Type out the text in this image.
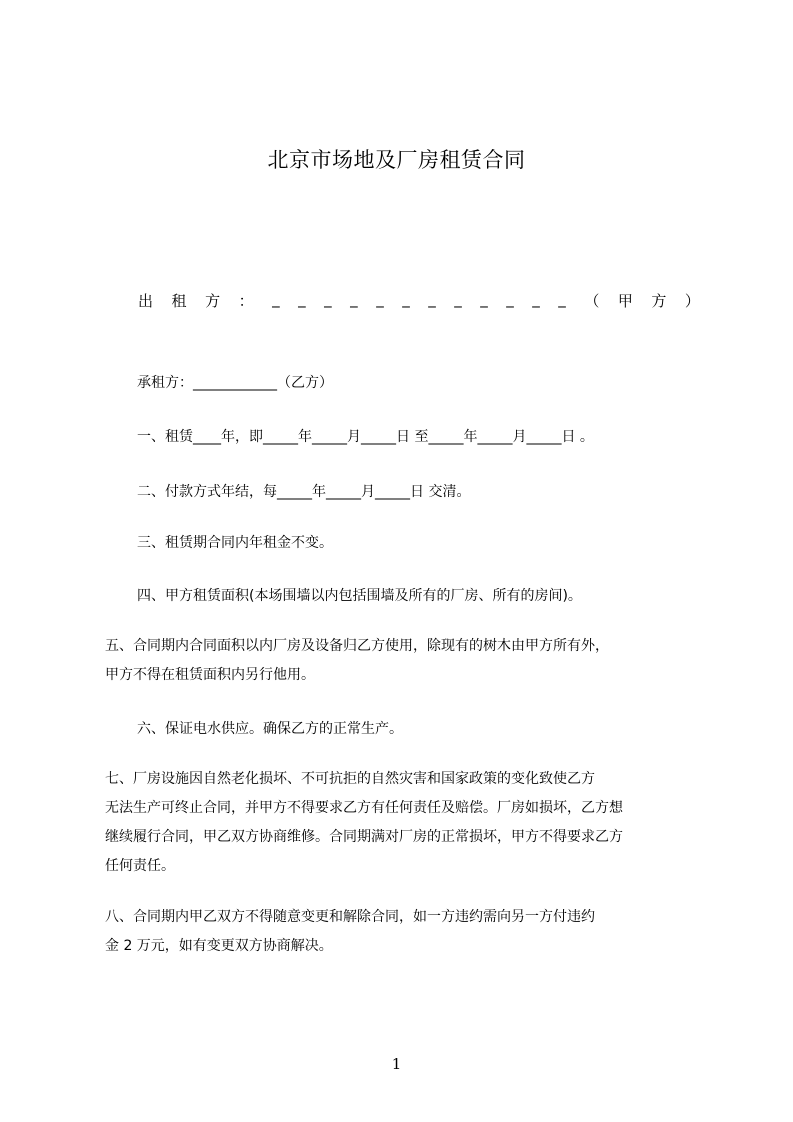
北京市场地及厂房租赁合同
出 租 方 ： _ _ _ _ _ _ _ _ _ _ _ _ （ 甲 方 ）
承租方：____________（乙方）
一、租赁____年，即_____年_____月_____日 至_____年_____月_____日 。
二、付款方式年结，每_____年_____月_____日 交清。
三、租赁期合同内年租金不变。
四、甲方租赁面积(本场围墙以内包括围墙及所有的厂房、所有的房间)。
五、合同期内合同面积以内厂房及设备归乙方使用，除现有的树木由甲方所有外，
甲方不得在租赁面积内另行他用。
六、保证电水供应。确保乙方的正常生产。
七、厂房设施因自然老化损坏、不可抗拒的自然灾害和国家政策的变化致使乙方
无法生产可终止合同，并甲方不得要求乙方有任何责任及赔偿。厂房如损坏，乙方想
继续履行合同，甲乙双方协商维修。合同期满对厂房的正常损坏，甲方不得要求乙方
任何责任。
八、合同期内甲乙双方不得随意变更和解除合同，如一方违约需向另一方付违约
金 2 万元，如有变更双方协商解决。
1
